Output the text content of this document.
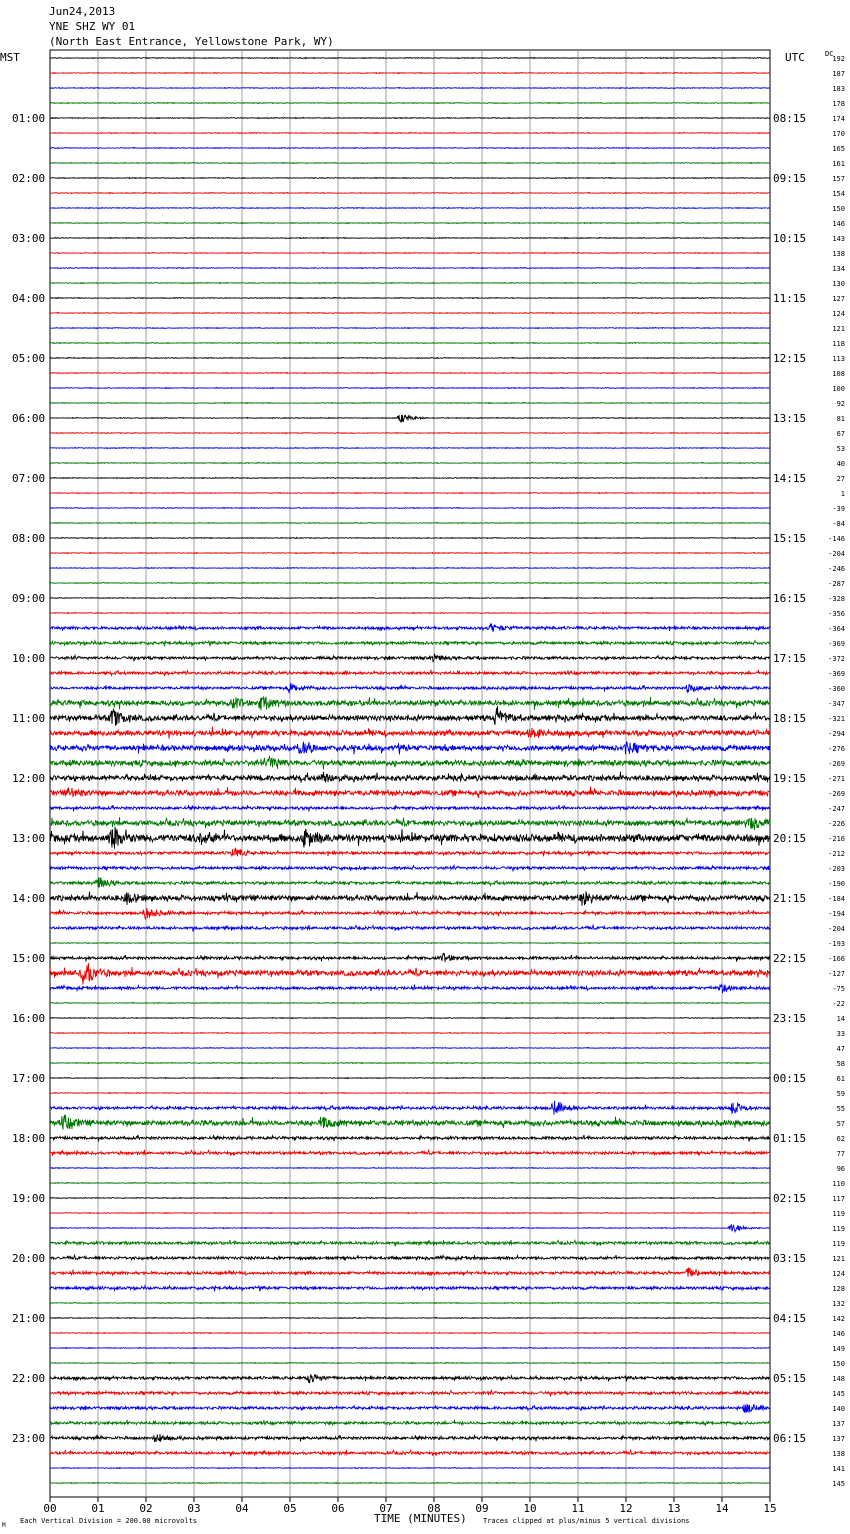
Jun24,2013
YNE SHZ WY 01
(North East Entrance, Yellowstone Park, WY)
01:00
02:00
03:00
04:00
05:00
06:00
07:00
08:00
09:00
10:00
11:00
12:00
13:00
14:00
15:00
16:00
17:00
18:00
19:00
20:00
21:00
22:00
23:00
08:15
09:15
10:15
11:15
12:15
13:15
14:15
15:15
16:15
17:15
18:15
19:15
20:15
21:15
22:15
23:15
00:15
01:15
02:15
03:15
04:15
05:15
06:15
192
187
183
178
174
170
165
161
157
154
150
146
143
138
134
130
127
124
121
118
113
108
100
92
81
67
53
40
27
1
-39
-84
-146
-204
-246
-287
-328
-356
-364
-369
-372
-369
-360
-347
-321
-294
-276
-269
-271
-269
-247
-226
-216
-212
-203
-190
-184
-194
-204
-193
-166
-127
-75
-22
14
33
47
58
61
59
55
57
62
77
96
110
117
119
119
119
121
124
128
132
142
146
149
150
148
145
140
137
137
138
141
145
00	01	02	03	04	05	06	07	08	09	10	11	12	13	14	15
MST	UTC	DC
TIME (MINUTES)
Each Vertical Division = 200.00 microvolts	Traces clipped at plus/minus 5 vertical divisions
M
